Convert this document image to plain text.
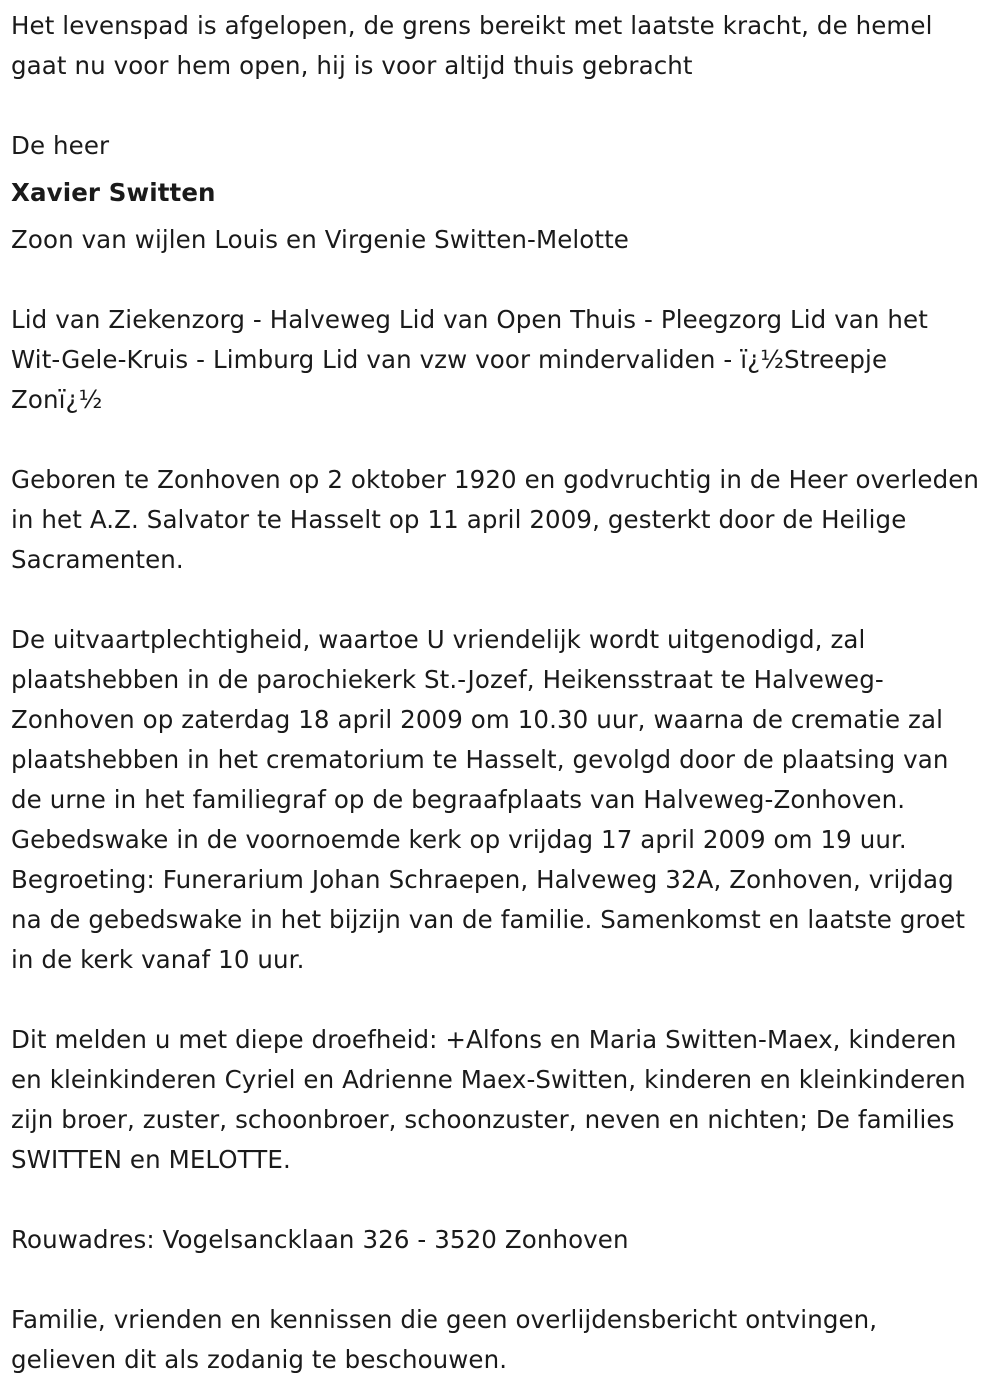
Het levenspad is afgelopen, de grens bereikt met laatste kracht, de hemel gaat nu voor hem open, hij is voor altijd thuis gebracht

De heer

Xavier Switten

Zoon van wijlen Louis en Virgenie Switten-Melotte

Lid van Ziekenzorg - Halveweg Lid van Open Thuis - Pleegzorg Lid van het Wit-Gele-Kruis - Limburg Lid van vzw voor mindervaliden - ï¿½Streepje Zonï¿½

Geboren te Zonhoven op 2 oktober 1920 en godvruchtig in de Heer overleden in het A.Z. Salvator te Hasselt op 11 april 2009, gesterkt door de Heilige Sacramenten.

De uitvaartplechtigheid, waartoe U vriendelijk wordt uitgenodigd, zal plaatshebben in de parochiekerk St.-Jozef, Heikensstraat te Halveweg-Zonhoven op zaterdag 18 april 2009 om 10.30 uur, waarna de crematie zal plaatshebben in het crematorium te Hasselt, gevolgd door de plaatsing van de urne in het familiegraf op de begraafplaats van Halveweg-Zonhoven. Gebedswake in de voornoemde kerk op vrijdag 17 april 2009 om 19 uur. Begroeting: Funerarium Johan Schraepen, Halveweg 32A, Zonhoven, vrijdag na de gebedswake in het bijzijn van de familie. Samenkomst en laatste groet in de kerk vanaf 10 uur.

Dit melden u met diepe droefheid: +Alfons en Maria Switten-Maex, kinderen en kleinkinderen Cyriel en Adrienne Maex-Switten, kinderen en kleinkinderen zijn broer, zuster, schoonbroer, schoonzuster, neven en nichten; De families SWITTEN en MELOTTE.

Rouwadres: Vogelsancklaan 326 - 3520 Zonhoven

Familie, vrienden en kennissen die geen overlijdensbericht ontvingen, gelieven dit als zodanig te beschouwen.
